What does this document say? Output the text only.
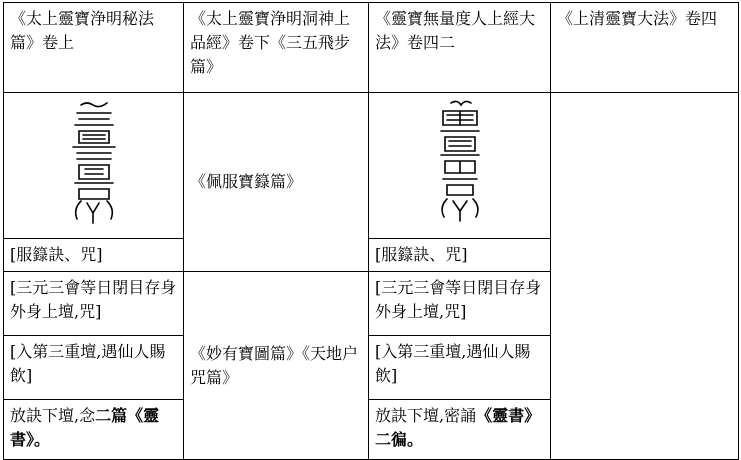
《太上靈寶浄明秘法篇》卷上	《太上靈寶浄明洞神上品經》卷下《三五飛步篇》	《靈寶無量度人上經大法》卷四二	《上清靈寶大法》卷四
	《佩服寶籙篇》		
[服籙訣、咒]		[服籙訣、咒]	
[三元三會等日閉目存身外身上壇,咒]	《妙有寶圖篇》《天地户咒篇》	[三元三會等日閉目存身外身上壇,咒]	
[入第三重壇,遇仙人賜飲]		[入第三重壇,遇仙人賜飲]	
放訣下壇,念二篇《靈書》。		放訣下壇,密誦《靈書》二徧。	
